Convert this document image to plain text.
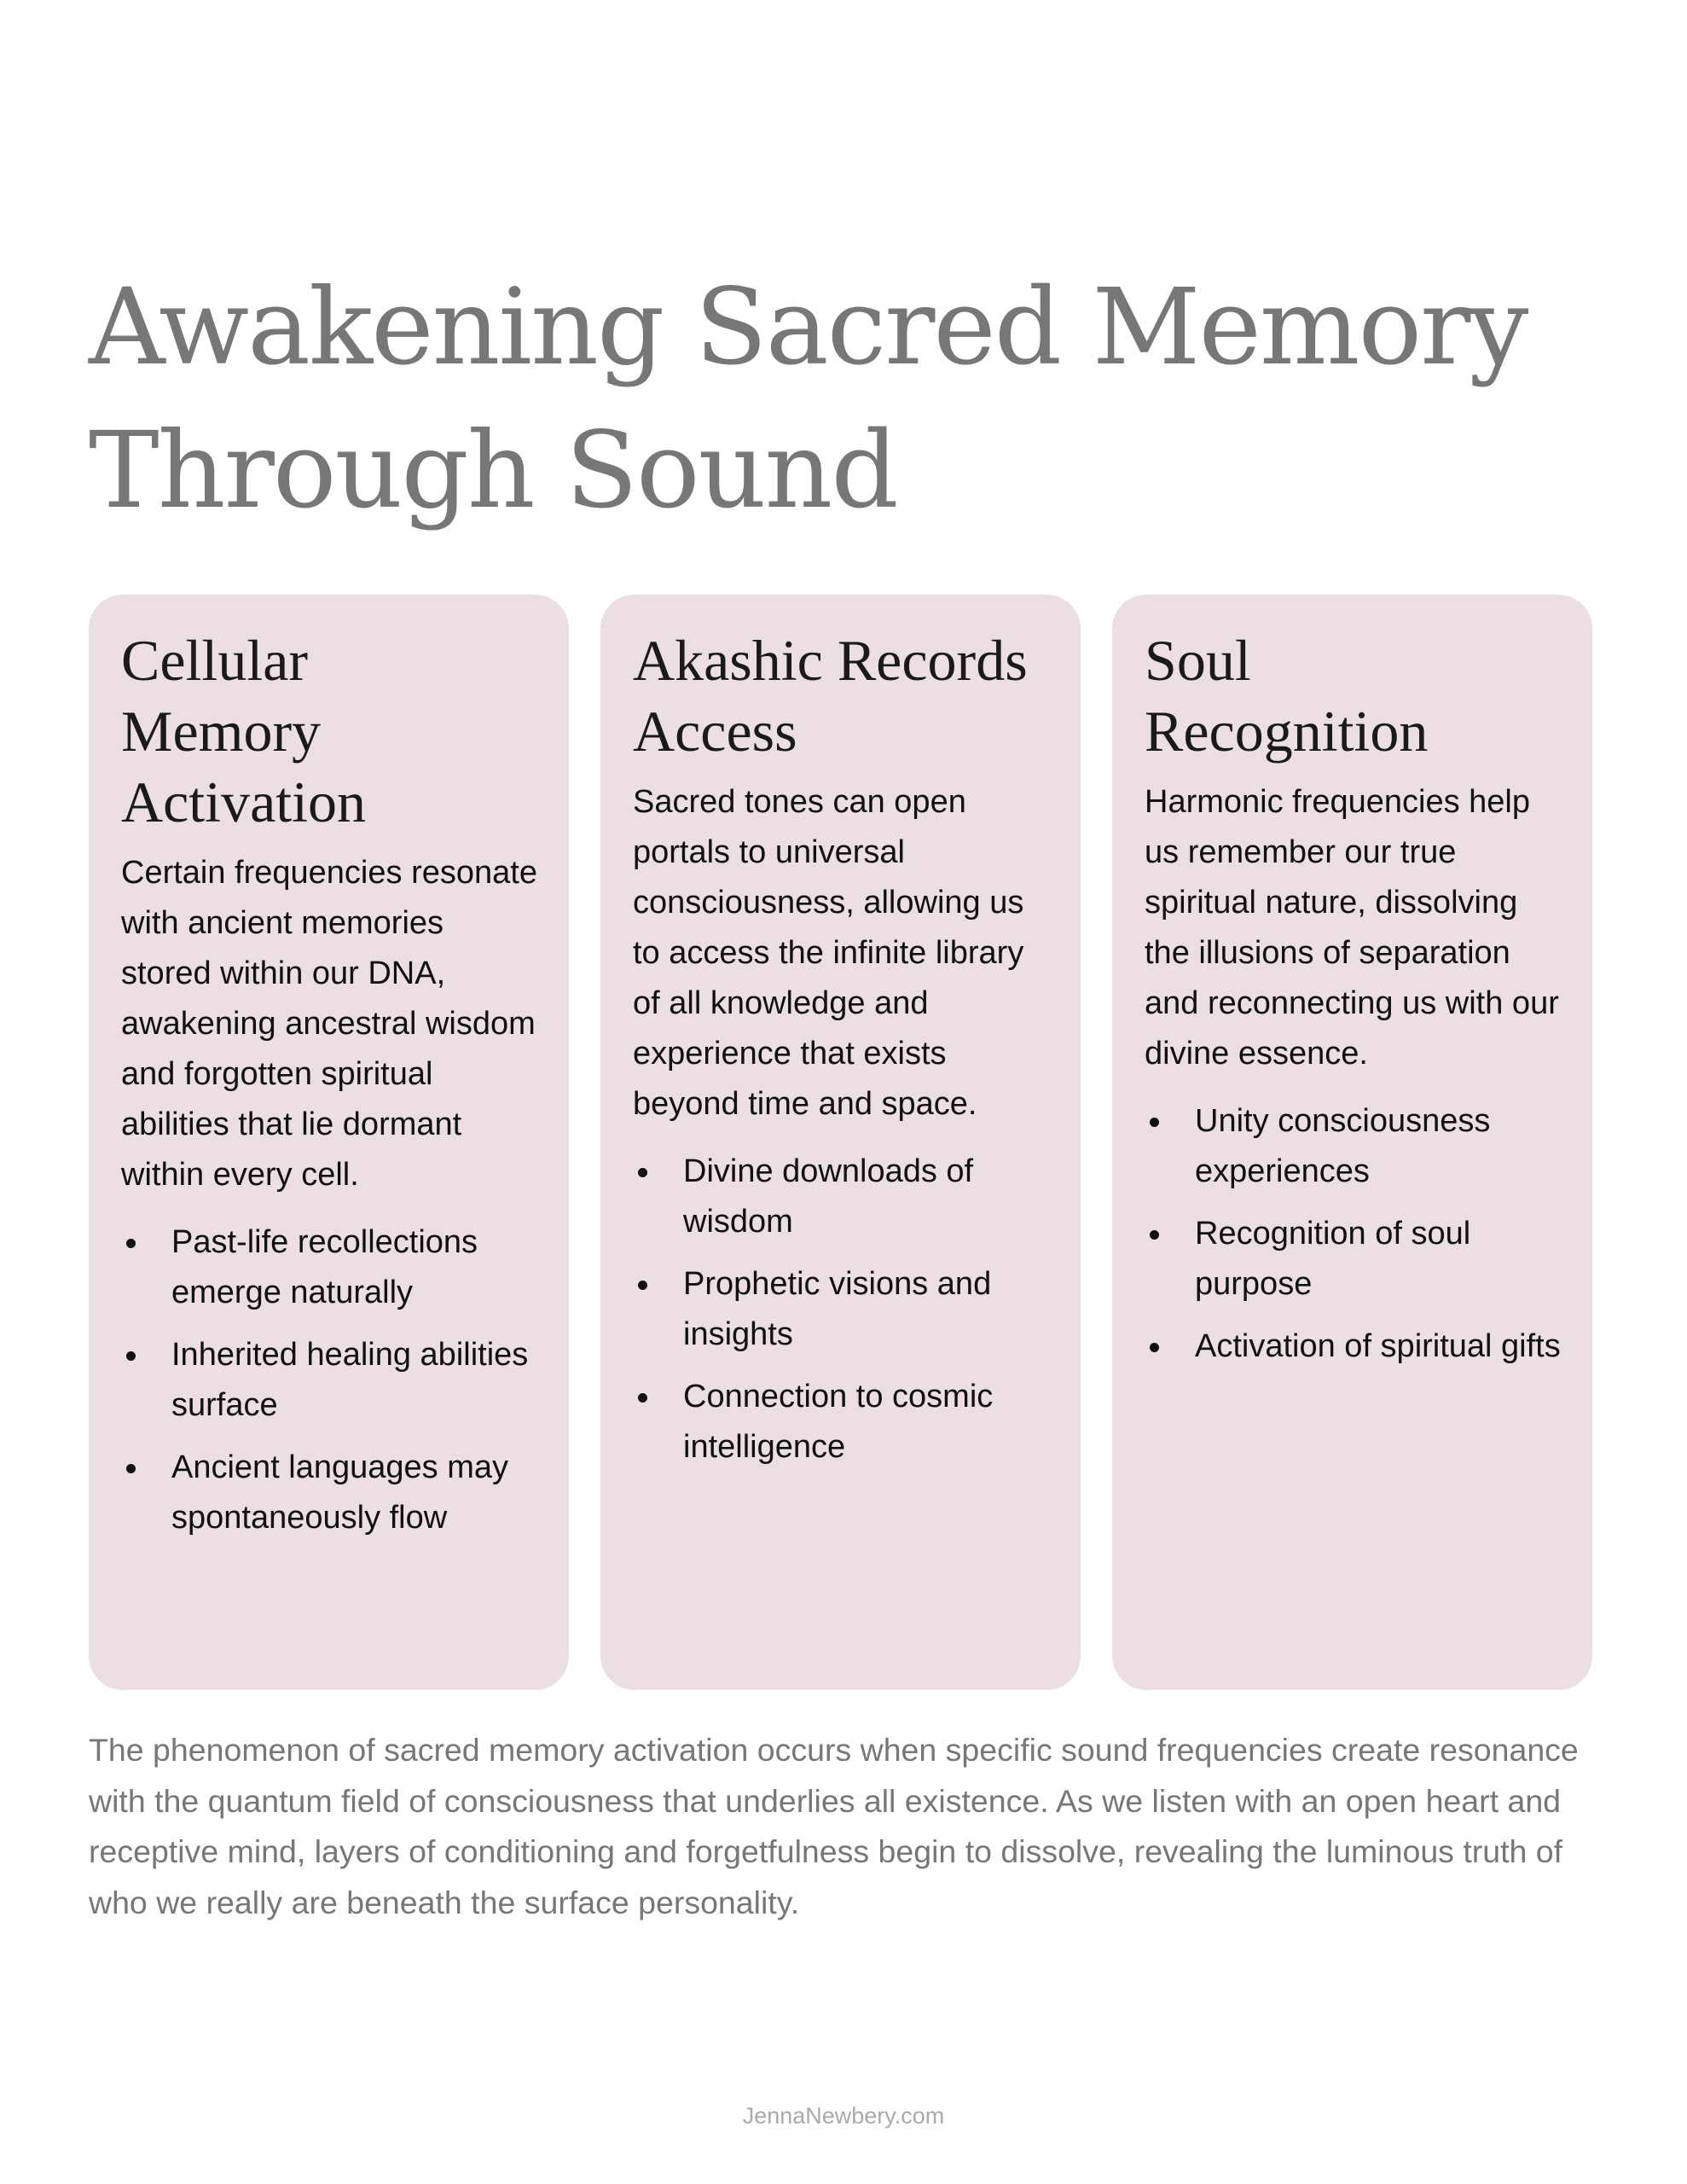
Awakening Sacred Memory
Through Sound
Cellular
Memory
Activation

Certain frequencies resonate with ancient memories stored within our DNA, awakening ancestral wisdom and forgotten spiritual abilities that lie dormant within every cell.

Past-life recollections emerge naturally
Inherited healing abilities surface
Ancient languages may spontaneously flow
Akashic Records
Access

Sacred tones can open portals to universal consciousness, allowing us to access the infinite library of all knowledge and experience that exists beyond time and space.

Divine downloads of wisdom
Prophetic visions and insights
Connection to cosmic intelligence
Soul
Recognition

Harmonic frequencies help us remember our true spiritual nature, dissolving the illusions of separation and reconnecting us with our divine essence.

Unity consciousness experiences
Recognition of soul purpose
Activation of spiritual gifts

The phenomenon of sacred memory activation occurs when specific sound frequencies create resonance with the quantum field of consciousness that underlies all existence. As we listen with an open heart and receptive mind, layers of conditioning and forgetfulness begin to dissolve, revealing the luminous truth of who we really are beneath the surface personality.

JennaNewbery.com
